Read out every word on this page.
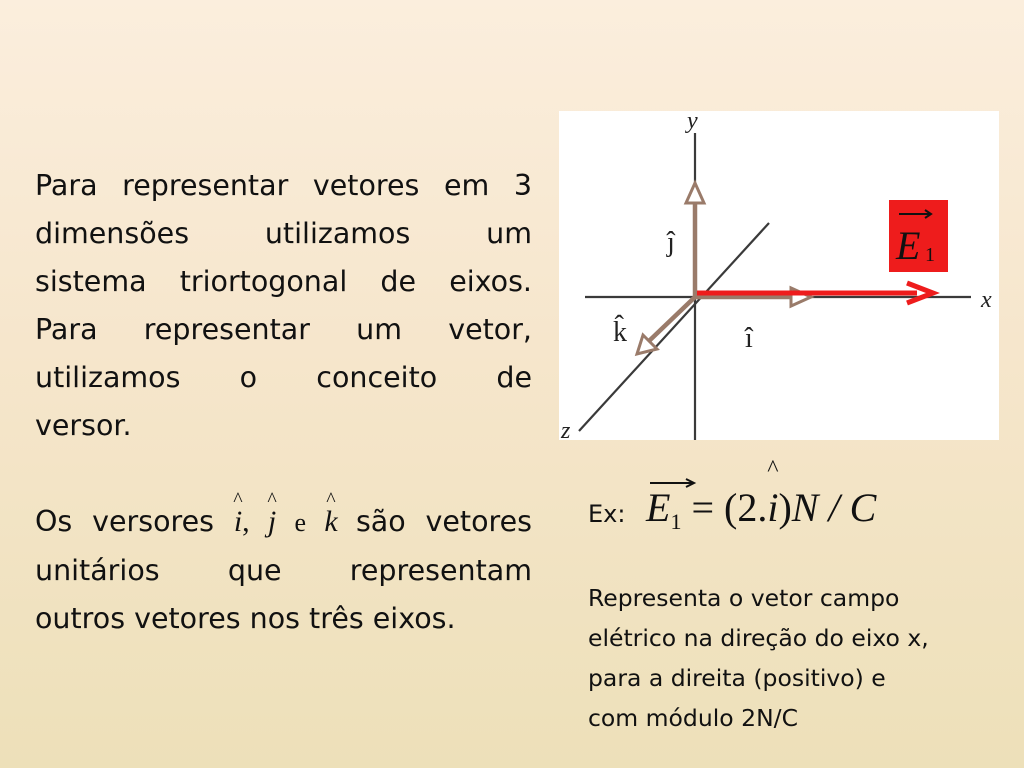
Para representar vetores em 3
dimensões utilizamos um
sistema triortogonal de eixos.
Para representar um vetor,
utilizamos o conceito de
versor.
Os versores
^
i,
^
j e
^
k são vetores
unitários que representam
outros vetores nos três eixos.
E 1
y
x
z
ĵ
k̂	î
Ex: $E_1 = (2$.
^
i)N / C
Representa o vetor campo
elétrico na direção do eixo x,
para a direita (positivo) e
com módulo 2N/C
